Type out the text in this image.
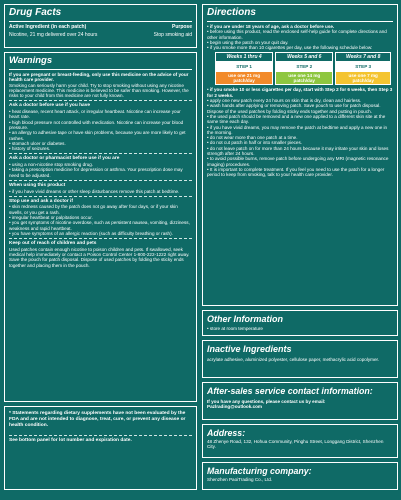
Drug Facts
Active Ingredient (in each patch)	Purpose
Nicotine, 21 mg delivered over 24 hours	Stop smoking aid
Warnings
If you are pregnant or breast-feeding, only use this medicine on the advice of your health care provider.
Smoking can seriously harm your child. Try to stop smoking without using any nicotine replacement medicine. This medicine is believed to be safer than smoking. However, the risks to your child from this medicine are not fully known.
Ask a doctor before use if you have
• heat disease, recent heart attack, or irregular heartbeat. Nicotine can increase your heart rate.
• high blood pressure not controlled with medication. Nicotine can increase your blood pressure.
• an allergy to adhesive tape or have skin problems, because you are more likely to get rashes.
• stomach ulcer or diabetes.
• history of seizures.
Ask a doctor or pharmacist before use if you are
• using a non-nicotine stop smoking drug.
• taking a prescription medicine for depression or asthma. Your prescription dose may need to be adjusted.
When using this product
• if you have vivid dreams or other sleep disturbances remove this patch at bedtime.
Stop use and ask a doctor if
• skin redness caused by the patch does not go away after four days, or if your skin swells, or you get a rash.
• irregular heartbeat or palpitations occur.
• you get symptoms of nicotine overdose, such as persistent nausea, vomiting, dizziness, weakness and rapid heartbeat.
• you have symptoms of an allergic reaction (such as difficulty breathing or rash).
Keep out of reach of children and pets
Used patches contain enough nicotine to poison children and pets. If swallowed, seek medical help immediately or contact a Poison Control Center 1-800-222-1222 right away. Save the pouch for patch disposal. Dispose of used patches by folding the sticky ends together and placing them in the pouch.
* Statements regarding dietary supplements have not been evaluated by the FDA and are not intended to diagnose, treat, cure, or prevent any disease or health condition.
See bottom panel for lot number and expiration date.
Directions
• if you are under 18 years of age, ask a doctor before use.
• before using this product, read the enclosed self-help guide for complete directions and other information.
• begin using the patch on your quit day.
• if you smoke more than 10 cigarettes per day, use the following schedule below:
Weeks 1 thru 4	Weeks 5 and 6	Weeks 7 and 8
STEP 1	STEP 2	STEP 3
use one 21 mg patch/day	use one 14 mg patch/day	use one 7 mg patch/day
• if you smoke 10 or less cigarettes per day, start with Step 2 for 6 weeks, then Step 3 for 2 weeks.
• apply one new patch every 24 hours on skin that is dry, clean and hairless.
• wash hands after applying or removing patch. Save pouch to use for patch disposal. Dispose of the used patches by folding sticky ends together and putting in pouch.
• the used patch should be removed and a new one applied to a different skin site at the same time each day.
• if you have vivid dreams, you may remove the patch at bedtime and apply a new one in the morning.
• do not wear more than one patch at a time.
• do not cut patch in half or into smaller pieces.
• do not leave patch on for more than 24 hours because it may irritate your skin and loses strength after 24 hours.
• to avoid possible burns, remove patch before undergoing any MRI (magnetic resonance imaging) procedures.
• It is important to complete treatment. If you feel you need to use the patch for a longer period to keep from smoking, talk to your health care provider.
Other Information
• store at room temperature
Inactive Ingredients
acrylate adhesive, aluminized polyester, cellulose paper, methacrylic acid copolymer.
After-sales service contact information:
If you have any questions, please contact us by email:
Pazlrading@outlook.com
Address:
48 Zhenye Road, 132, Hohua Community, Pinghu Street, Longgang District, Shenzhen City.
Manufacturing company:
Shenzhen PaoiTrading Co., Ltd.
